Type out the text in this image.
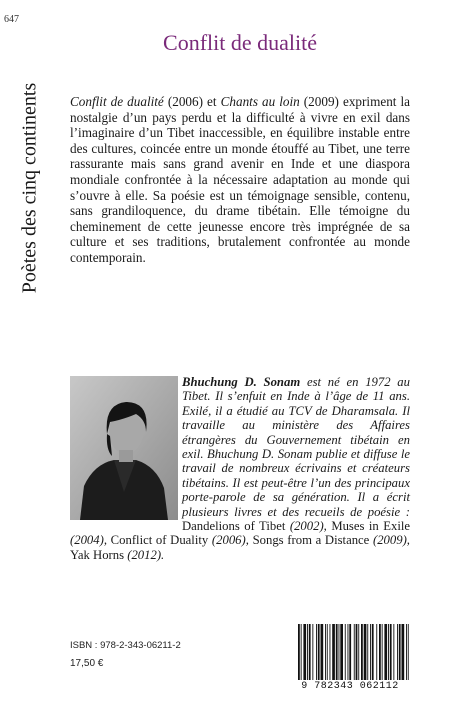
647
Poètes des cinq continents
Conflit de dualité

Conflit de dualité (2006) et Chants au loin (2009) expriment la nostalgie d’un pays perdu et la difficulté à vivre en exil dans l’imaginaire d’un Tibet inaccessible, en équilibre instable entre des cultures, coincée entre un monde étouffé au Tibet, une terre rassurante mais sans grand avenir en Inde et une diaspora mondiale confrontée à la nécessaire adaptation au monde qui s’ouvre à elle. Sa poésie est un témoignage sensible, contenu, sans grandiloquence, du drame tibétain. Elle témoigne du cheminement de cette jeunesse encore très imprégnée de sa culture et ses traditions, brutalement confrontée au monde contemporain.

Bhuchung D. Sonam est né en 1972 au Tibet. Il s’enfuit en Inde à l’âge de 11 ans. Exilé, il a étudié au TCV de Dharamsala. Il travaille au ministère des Affaires étrangères du Gouvernement tibétain en exil. Bhuchung D. Sonam publie et diffuse le travail de nombreux écrivains et créateurs tibétains. Il est peut-être l’un des principaux porte-parole de sa génération. Il a écrit plusieurs livres et des recueils de poésie : Dandelions of Tibet (2002), Muses in Exile (2004), Conflict of Duality (2006), Songs from a Distance (2009), Yak Horns (2012).
ISBN : 978-2-343-06211-2
17,50 €
9 782343 062112
